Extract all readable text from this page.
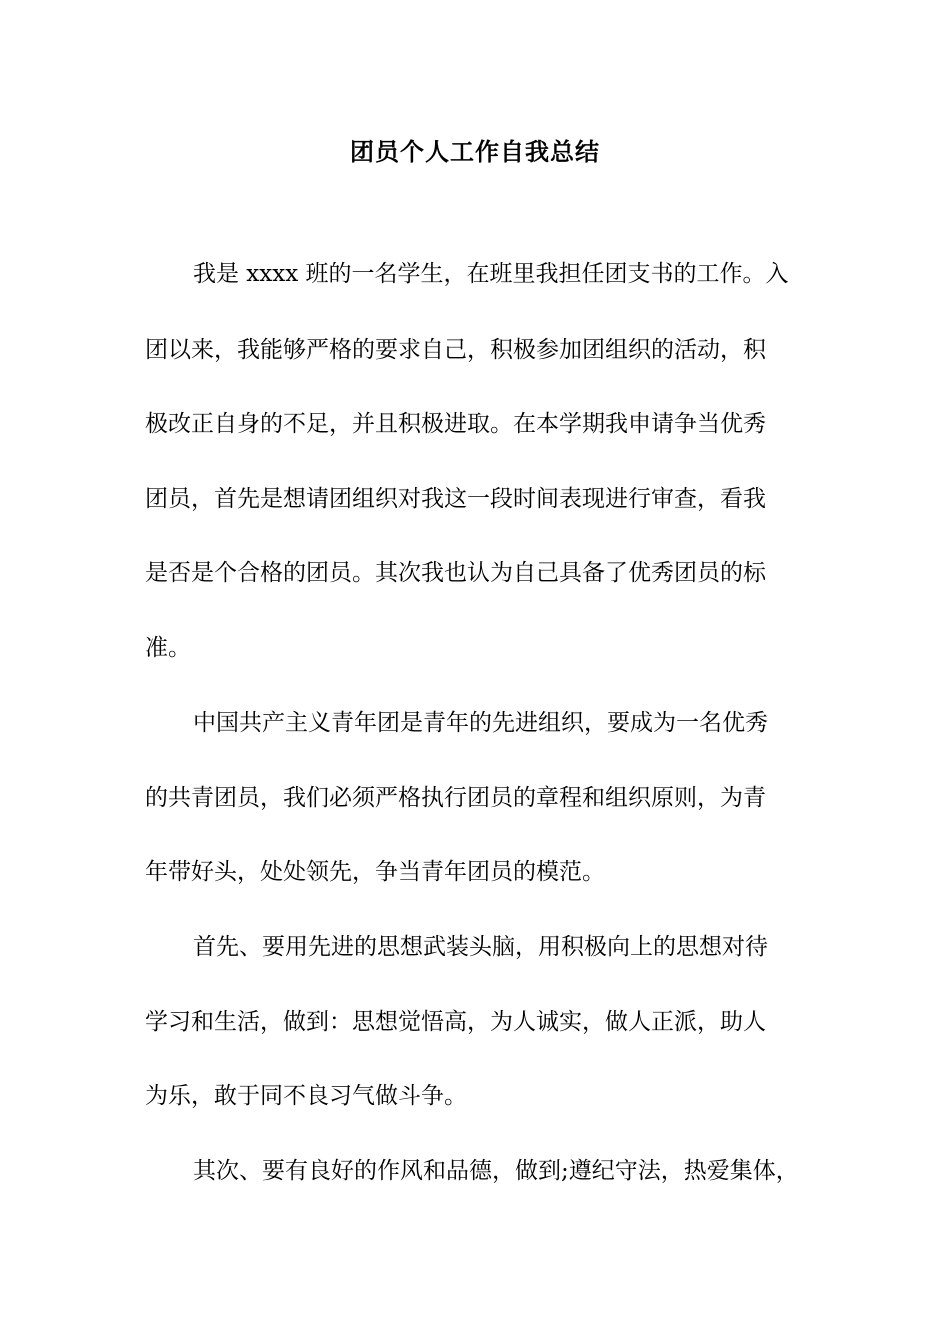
团员个人工作自我总结
我是 xxxx 班的一名学生，在班里我担任团支书的工作。入
团以来，我能够严格的要求自己，积极参加团组织的活动，积
极改正自身的不足，并且积极进取。在本学期我申请争当优秀
团员，首先是想请团组织对我这一段时间表现进行审查，看我
是否是个合格的团员。其次我也认为自己具备了优秀团员的标
准。
中国共产主义青年团是青年的先进组织，要成为一名优秀
的共青团员，我们必须严格执行团员的章程和组织原则，为青
年带好头，处处领先，争当青年团员的模范。
首先、要用先进的思想武装头脑，用积极向上的思想对待
学习和生活，做到：思想觉悟高，为人诚实，做人正派，助人
为乐，敢于同不良习气做斗争。
其次、要有良好的作风和品德，做到;遵纪守法，热爱集体，
